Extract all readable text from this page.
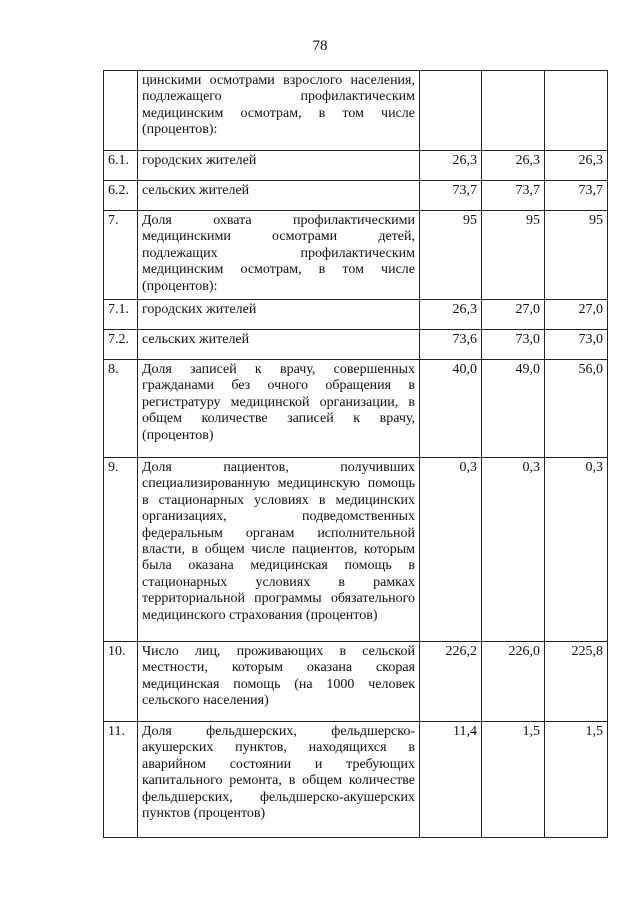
78
	цинскими осмотрами взрослого населения, подлежащего профилактическим медицинским осмотрам, в том числе (процентов):			
6.1.	городских жителей	26,3	26,3	26,3
6.2.	сельских жителей	73,7	73,7	73,7
7.	Доля охвата профилактическими медицинскими осмотрами детей, подлежащих профилактическим медицинским осмотрам, в том числе (процентов):	95	95	95
7.1.	городских жителей	26,3	27,0	27,0
7.2.	сельских жителей	73,6	73,0	73,0
8.	Доля записей к врачу, совершенных гражданами без очного обращения в регистратуру медицинской организации, в общем количестве записей к врачу, (процентов)	40,0	49,0	56,0
9.	Доля пациентов, получивших специализированную медицинскую помощь в стационарных условиях в медицинских организациях, подведомственных федеральным органам исполнительной власти, в общем числе пациентов, которым была оказана медицинская помощь в стационарных условиях в рамках территориальной программы обязательного медицинского страхования (процентов)	0,3	0,3	0,3
10.	Число лиц, проживающих в сельской местности, которым оказана скорая медицинская помощь (на 1000 человек сельского населения)	226,2	226,0	225,8
11.	Доля фельдшерских, фельдшерско-акушерских пунктов, находящихся в аварийном состоянии и требующих капитального ремонта, в общем количестве фельдшерских, фельдшерско-акушерских пунктов (процентов)	11,4	1,5	1,5
